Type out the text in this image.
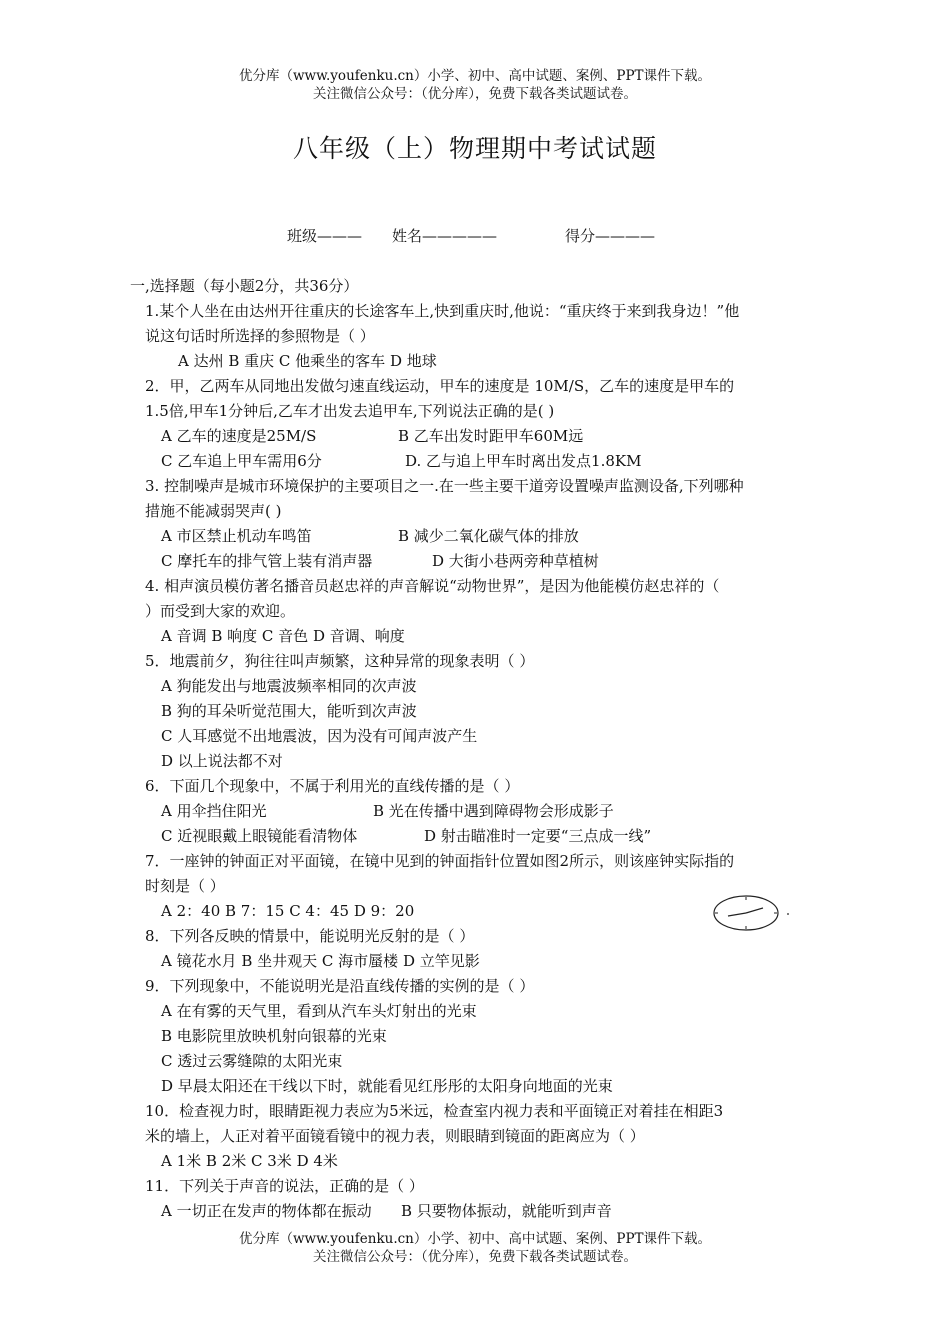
优分库（www.youfenku.cn）小学、初中、高中试题、案例、PPT课件下载。
关注微信公众号：（优分库），免费下载各类试题试卷。
八年级（上）物理期中考试试题
班级——— 姓名—————	得分————
一,选择题（每小题2分，共36分）
1.某个人坐在由达州开往重庆的长途客车上,快到重庆时,他说：“重庆终于来到我身边！”他
说这句话时所选择的参照物是（ ）
A 达州 B 重庆 C 他乘坐的客车 D 地球
2．甲，乙两车从同地出发做匀速直线运动，甲车的速度是 10M/S，乙车的速度是甲车的
1.5倍,甲车1分钟后,乙车才出发去追甲车,下列说法正确的是( )
A 乙车的速度是25M/S	B 乙车出发时距甲车60M远
C 乙车追上甲车需用6分	D. 乙与追上甲车时离出发点1.8KM
3. 控制噪声是城市环境保护的主要项目之一.在一些主要干道旁设置噪声监测设备,下列哪种
措施不能减弱哭声( )
A 市区禁止机动车鸣笛	B 减少二氧化碳气体的排放
C 摩托车的排气管上装有消声器	D 大街小巷两旁种草植树
4. 相声演员模仿著名播音员赵忠祥的声音解说“动物世界”，是因为他能模仿赵忠祥的（
）而受到大家的欢迎。
A 音调 B 响度 C 音色 D 音调、响度
5．地震前夕，狗往往叫声频繁，这种异常的现象表明（ ）
A 狗能发出与地震波频率相同的次声波
B 狗的耳朵听觉范围大，能听到次声波
C 人耳感觉不出地震波，因为没有可闻声波产生
D 以上说法都不对
6．下面几个现象中，不属于利用光的直线传播的是（ ）
A 用伞挡住阳光	B 光在传播中遇到障碍物会形成影子
C 近视眼戴上眼镜能看清物体	D 射击瞄准时一定要“三点成一线”
7．一座钟的钟面正对平面镜，在镜中见到的钟面指针位置如图2所示，则该座钟实际指的
时刻是（ ）
A 2：40 B 7：15 C 4：45 D 9：20
8．下列各反映的情景中，能说明光反射的是（ ）
A 镜花水月 B 坐井观天 C 海市蜃楼 D 立竿见影
9．下列现象中，不能说明光是沿直线传播的实例的是（ ）
A 在有雾的天气里，看到从汽车头灯射出的光束
B 电影院里放映机射向银幕的光束
C 透过云雾缝隙的太阳光束
D 早晨太阳还在干线以下时，就能看见红彤彤的太阳身向地面的光束
10．检查视力时，眼睛距视力表应为5米远，检查室内视力表和平面镜正对着挂在相距3
米的墙上，人正对着平面镜看镜中的视力表，则眼睛到镜面的距离应为（ ）
A 1米 B 2米 C 3米 D 4米
11．下列关于声音的说法，正确的是（ ）
A 一切正在发声的物体都在振动 B 只要物体振动，就能听到声音
优分库（www.youfenku.cn）小学、初中、高中试题、案例、PPT课件下载。
关注微信公众号：（优分库），免费下载各类试题试卷。
